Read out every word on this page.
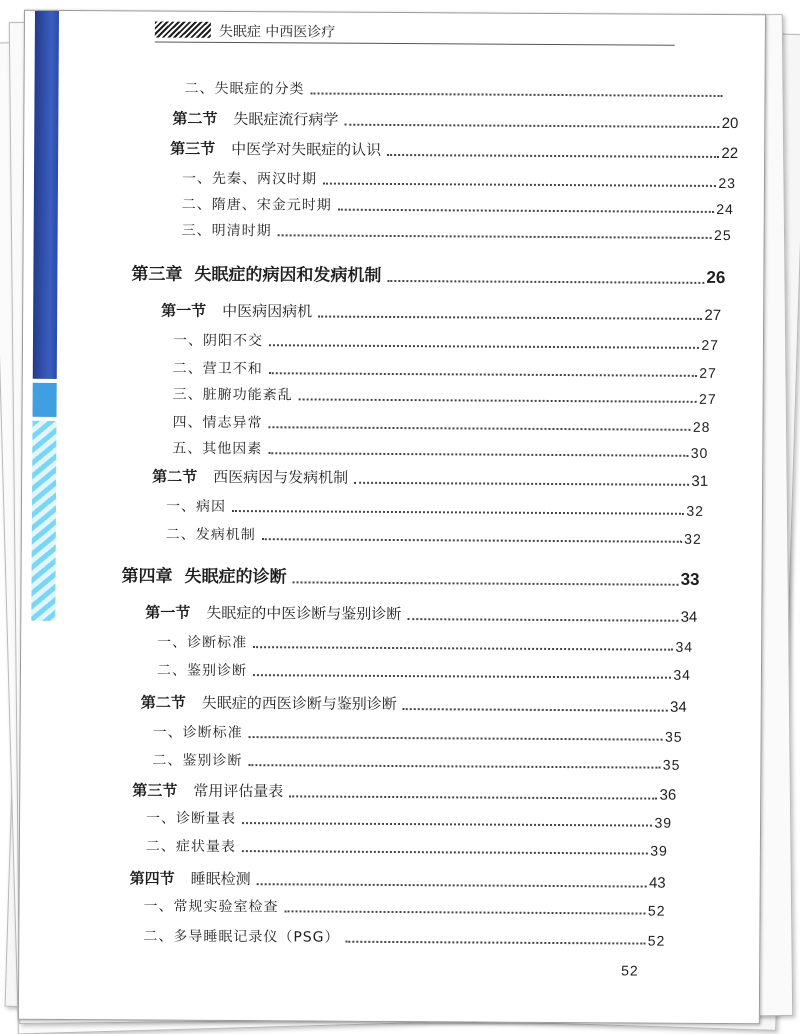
失眠症 中西医诊疗
二、失眠症的分类
第二节	失眠症流行病学	20
第三节	中医学对失眠症的认识	22
一、先秦、两汉时期	23
二、隋唐、宋金元时期	24
三、明清时期	25
第三章 失眠症的病因和发病机制	26
第一节	中医病因病机	27
一、阴阳不交	27
二、营卫不和	27
三、脏腑功能紊乱	27
四、情志异常	28
五、其他因素	30
第二节	西医病因与发病机制	31
一、病因	32
二、发病机制	32
第四章 失眠症的诊断	33
第一节	失眠症的中医诊断与鉴别诊断	34
一、诊断标准	34
二、鉴别诊断	34
第二节	失眠症的西医诊断与鉴别诊断	34
一、诊断标准	35
二、鉴别诊断	35
第三节	常用评估量表	36
一、诊断量表	39
二、症状量表	39
第四节	睡眠检测	43
一、常规实验室检查	52
二、多导睡眠记录仪（PSG）	52
52
